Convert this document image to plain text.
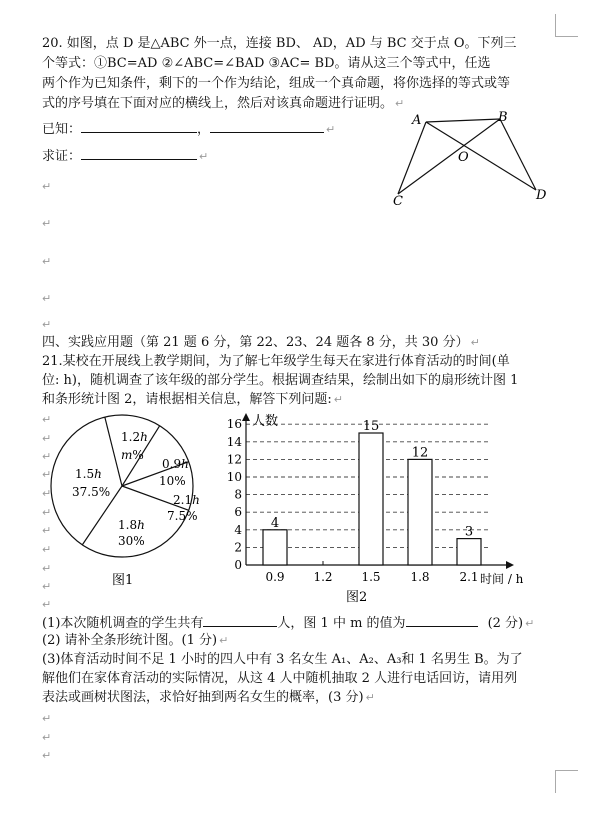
20. 如图，点 D 是△ABC 外一点，连接 BD、 AD，AD 与 BC 交于点 O。下列三
个等式：①BC=AD ②∠ABC=∠BAD ③AC= BD。请从这三个等式中，任选
两个作为已知条件，剩下的一个作为结论，组成一个真命题，将你选择的等式或等
式的序号填在下面对应的横线上，然后对该真命题进行证明。 ↵
已知：	，	↵
求证：	↵
A	B
O
C	D
↵
↵
↵
↵
↵
四、实践应用题（第 21 题 6 分，第 22、23、24 题各 8 分，共 30 分） ↵
21.某校在开展线上教学期间，为了解七年级学生每天在家进行体育活动的时间(单
位: h)，随机调查了该年级的部分学生。根据调查结果，绘制出如下的扇形统计图 1
和条形统计图 2，请根据相关信息，解答下列问题: ↵
↵
↵
↵
↵
↵
↵
↵
↵
↵
↵
↵
1.2h
m%
0.9h
10%
2.1h
7.5%
1.8h
30%
1.5h
37.5%
图1
0
2
4
6
8
10
12
14
16
0.9 1.2 1.5 1.8 2.1
4
15
12
3
人数
时间 / h
图2
(1)本次随机调查的学生共有	人，图 1 中 m 的值为	(2 分) ↵
(2) 请补全条形统计图。(1 分) ↵
(3)体育活动时间不足 1 小时的四人中有 3 名女生 A₁、A₂、A₃和 1 名男生 B。为了
解他们在家体育活动的实际情况，从这 4 人中随机抽取 2 人进行电话回访，请用列
表法或画树状图法，求恰好抽到两名女生的概率，(3 分) ↵
↵
↵
↵
